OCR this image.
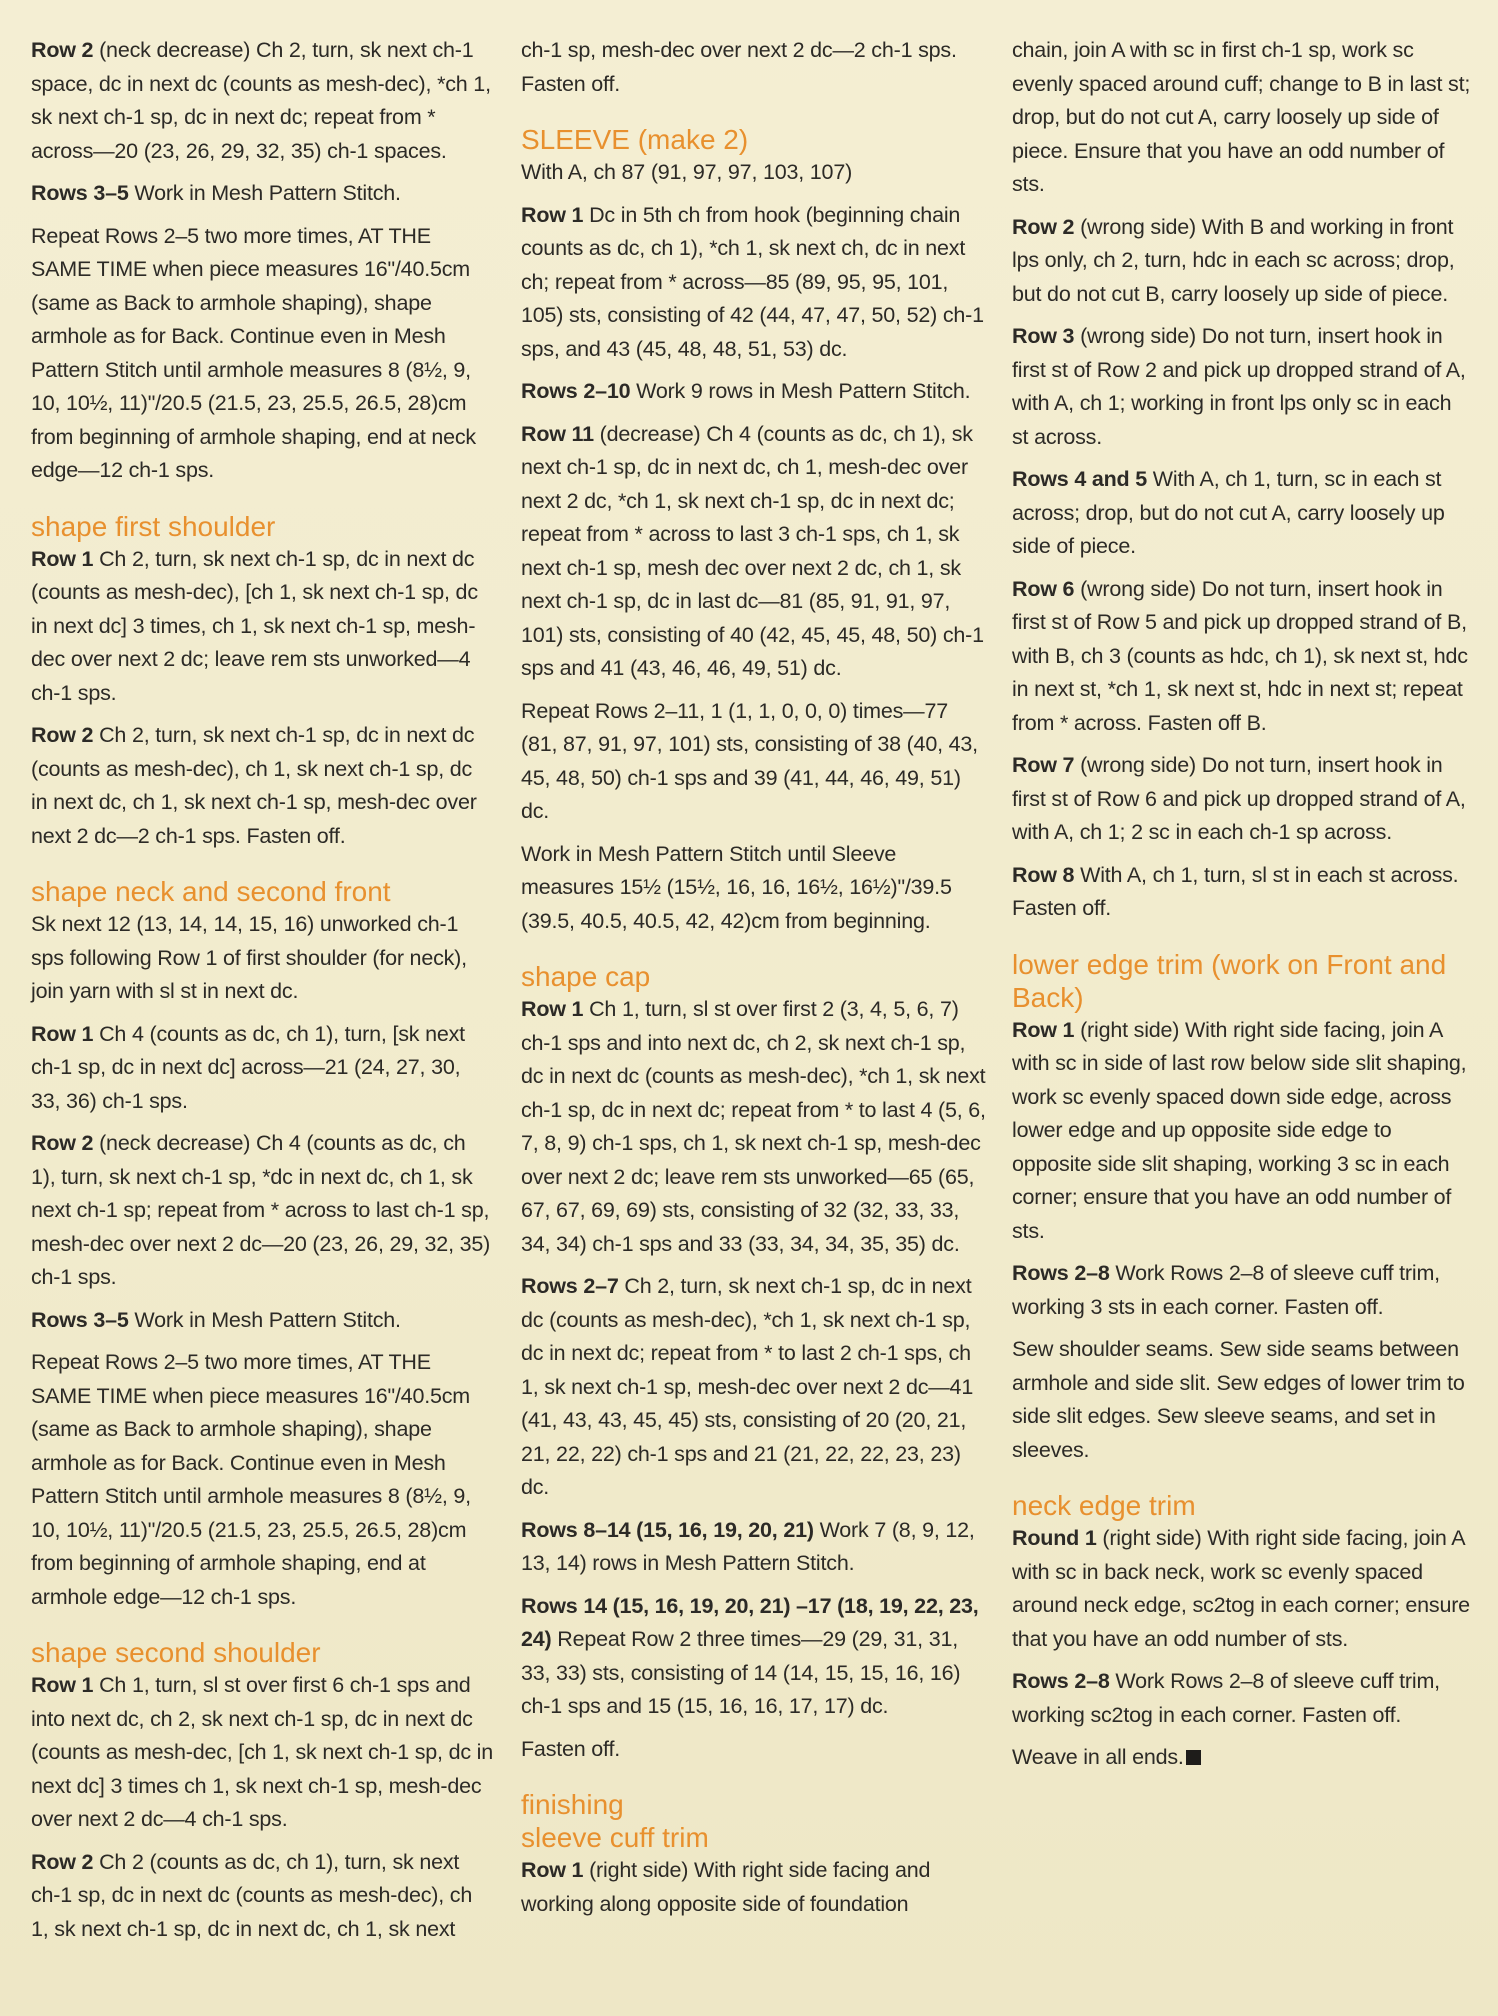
Row 2 (neck decrease) Ch 2, turn, sk next ch-1 space, dc in next dc (counts as mesh-dec), *ch 1, sk next ch-1 sp, dc in next dc; repeat from * across—20 (23, 26, 29, 32, 35) ch-1 spaces.

Rows 3–5 Work in Mesh Pattern Stitch.

Repeat Rows 2–5 two more times, AT THE SAME TIME when piece measures 16"/40.5cm (same as Back to armhole shaping), shape armhole as for Back. Continue even in Mesh Pattern Stitch until armhole measures 8 (8½, 9, 10, 10½, 11)"/20.5 (21.5, 23, 25.5, 26.5, 28)cm from beginning of armhole shaping, end at neck edge—12 ch-1 sps.

shape first shoulder

Row 1 Ch 2, turn, sk next ch-1 sp, dc in next dc (counts as mesh-dec), [ch 1, sk next ch-1 sp, dc in next dc] 3 times, ch 1, sk next ch-1 sp, mesh-dec over next 2 dc; leave rem sts unworked—4 ch-1 sps.

Row 2 Ch 2, turn, sk next ch-1 sp, dc in next dc (counts as mesh-dec), ch 1, sk next ch-1 sp, dc in next dc, ch 1, sk next ch-1 sp, mesh-dec over next 2 dc—2 ch-1 sps. Fasten off.

shape neck and second front

Sk next 12 (13, 14, 14, 15, 16) unworked ch-1 sps following Row 1 of first shoulder (for neck), join yarn with sl st in next dc.

Row 1 Ch 4 (counts as dc, ch 1), turn, [sk next ch-1 sp, dc in next dc] across—21 (24, 27, 30, 33, 36) ch-1 sps.

Row 2 (neck decrease) Ch 4 (counts as dc, ch 1), turn, sk next ch-1 sp, *dc in next dc, ch 1, sk next ch-1 sp; repeat from * across to last ch-1 sp, mesh-dec over next 2 dc—20 (23, 26, 29, 32, 35) ch-1 sps.

Rows 3–5 Work in Mesh Pattern Stitch.

Repeat Rows 2–5 two more times, AT THE SAME TIME when piece measures 16"/40.5cm (same as Back to armhole shaping), shape armhole as for Back. Continue even in Mesh Pattern Stitch until armhole measures 8 (8½, 9, 10, 10½, 11)"/20.5 (21.5, 23, 25.5, 26.5, 28)cm from beginning of armhole shaping, end at armhole edge—12 ch-1 sps.

shape second shoulder

Row 1 Ch 1, turn, sl st over first 6 ch-1 sps and into next dc, ch 2, sk next ch-1 sp, dc in next dc (counts as mesh-dec, [ch 1, sk next ch-1 sp, dc in next dc] 3 times ch 1, sk next ch-1 sp, mesh-dec over next 2 dc—4 ch-1 sps.

Row 2 Ch 2 (counts as dc, ch 1), turn, sk next ch-1 sp, dc in next dc (counts as mesh-dec), ch 1, sk next ch-1 sp, dc in next dc, ch 1, sk next

ch-1 sp, mesh-dec over next 2 dc—2 ch-1 sps. Fasten off.

SLEEVE (make 2)

With A, ch 87 (91, 97, 97, 103, 107)

Row 1 Dc in 5th ch from hook (beginning chain counts as dc, ch 1), *ch 1, sk next ch, dc in next ch; repeat from * across—85 (89, 95, 95, 101, 105) sts, consisting of 42 (44, 47, 47, 50, 52) ch-1 sps, and 43 (45, 48, 48, 51, 53) dc.

Rows 2–10 Work 9 rows in Mesh Pattern Stitch.

Row 11 (decrease) Ch 4 (counts as dc, ch 1), sk next ch-1 sp, dc in next dc, ch 1, mesh-dec over next 2 dc, *ch 1, sk next ch-1 sp, dc in next dc; repeat from * across to last 3 ch-1 sps, ch 1, sk next ch-1 sp, mesh dec over next 2 dc, ch 1, sk next ch-1 sp, dc in last dc—81 (85, 91, 91, 97, 101) sts, consisting of 40 (42, 45, 45, 48, 50) ch-1 sps and 41 (43, 46, 46, 49, 51) dc.

Repeat Rows 2–11, 1 (1, 1, 0, 0, 0) times—77 (81, 87, 91, 97, 101) sts, consisting of 38 (40, 43, 45, 48, 50) ch-1 sps and 39 (41, 44, 46, 49, 51) dc.

Work in Mesh Pattern Stitch until Sleeve measures 15½ (15½, 16, 16, 16½, 16½)"/39.5 (39.5, 40.5, 40.5, 42, 42)cm from beginning.

shape cap

Row 1 Ch 1, turn, sl st over first 2 (3, 4, 5, 6, 7) ch-1 sps and into next dc, ch 2, sk next ch-1 sp, dc in next dc (counts as mesh-dec), *ch 1, sk next ch-1 sp, dc in next dc; repeat from * to last 4 (5, 6, 7, 8, 9) ch-1 sps, ch 1, sk next ch-1 sp, mesh-dec over next 2 dc; leave rem sts unworked—65 (65, 67, 67, 69, 69) sts, consisting of 32 (32, 33, 33, 34, 34) ch-1 sps and 33 (33, 34, 34, 35, 35) dc.

Rows 2–7 Ch 2, turn, sk next ch-1 sp, dc in next dc (counts as mesh-dec), *ch 1, sk next ch-1 sp, dc in next dc; repeat from * to last 2 ch-1 sps, ch 1, sk next ch-1 sp, mesh-dec over next 2 dc—41 (41, 43, 43, 45, 45) sts, consisting of 20 (20, 21, 21, 22, 22) ch-1 sps and 21 (21, 22, 22, 23, 23) dc.

Rows 8–14 (15, 16, 19, 20, 21) Work 7 (8, 9, 12, 13, 14) rows in Mesh Pattern Stitch.

Rows 14 (15, 16, 19, 20, 21) –17 (18, 19, 22, 23, 24) Repeat Row 2 three times—29 (29, 31, 31, 33, 33) sts, consisting of 14 (14, 15, 15, 16, 16) ch-1 sps and 15 (15, 16, 16, 17, 17) dc.

Fasten off.

finishing
sleeve cuff trim

Row 1 (right side) With right side facing and working along opposite side of foundation

chain, join A with sc in first ch-1 sp, work sc evenly spaced around cuff; change to B in last st; drop, but do not cut A, carry loosely up side of piece. Ensure that you have an odd number of sts.

Row 2 (wrong side) With B and working in front lps only, ch 2, turn, hdc in each sc across; drop, but do not cut B, carry loosely up side of piece.

Row 3 (wrong side) Do not turn, insert hook in first st of Row 2 and pick up dropped strand of A, with A, ch 1; working in front lps only sc in each st across.

Rows 4 and 5 With A, ch 1, turn, sc in each st across; drop, but do not cut A, carry loosely up side of piece.

Row 6 (wrong side) Do not turn, insert hook in first st of Row 5 and pick up dropped strand of B, with B, ch 3 (counts as hdc, ch 1), sk next st, hdc in next st, *ch 1, sk next st, hdc in next st; repeat from * across. Fasten off B.

Row 7 (wrong side) Do not turn, insert hook in first st of Row 6 and pick up dropped strand of A, with A, ch 1; 2 sc in each ch-1 sp across.

Row 8 With A, ch 1, turn, sl st in each st across. Fasten off.

lower edge trim (work on Front and Back)

Row 1 (right side) With right side facing, join A with sc in side of last row below side slit shaping, work sc evenly spaced down side edge, across lower edge and up opposite side edge to opposite side slit shaping, working 3 sc in each corner; ensure that you have an odd number of sts.

Rows 2–8 Work Rows 2–8 of sleeve cuff trim, working 3 sts in each corner. Fasten off.

Sew shoulder seams. Sew side seams between armhole and side slit. Sew edges of lower trim to side slit edges. Sew sleeve seams, and set in sleeves.

neck edge trim

Round 1 (right side) With right side facing, join A with sc in back neck, work sc evenly spaced around neck edge, sc2tog in each corner; ensure that you have an odd number of sts.

Rows 2–8 Work Rows 2–8 of sleeve cuff trim, working sc2tog in each corner. Fasten off.

Weave in all ends.
